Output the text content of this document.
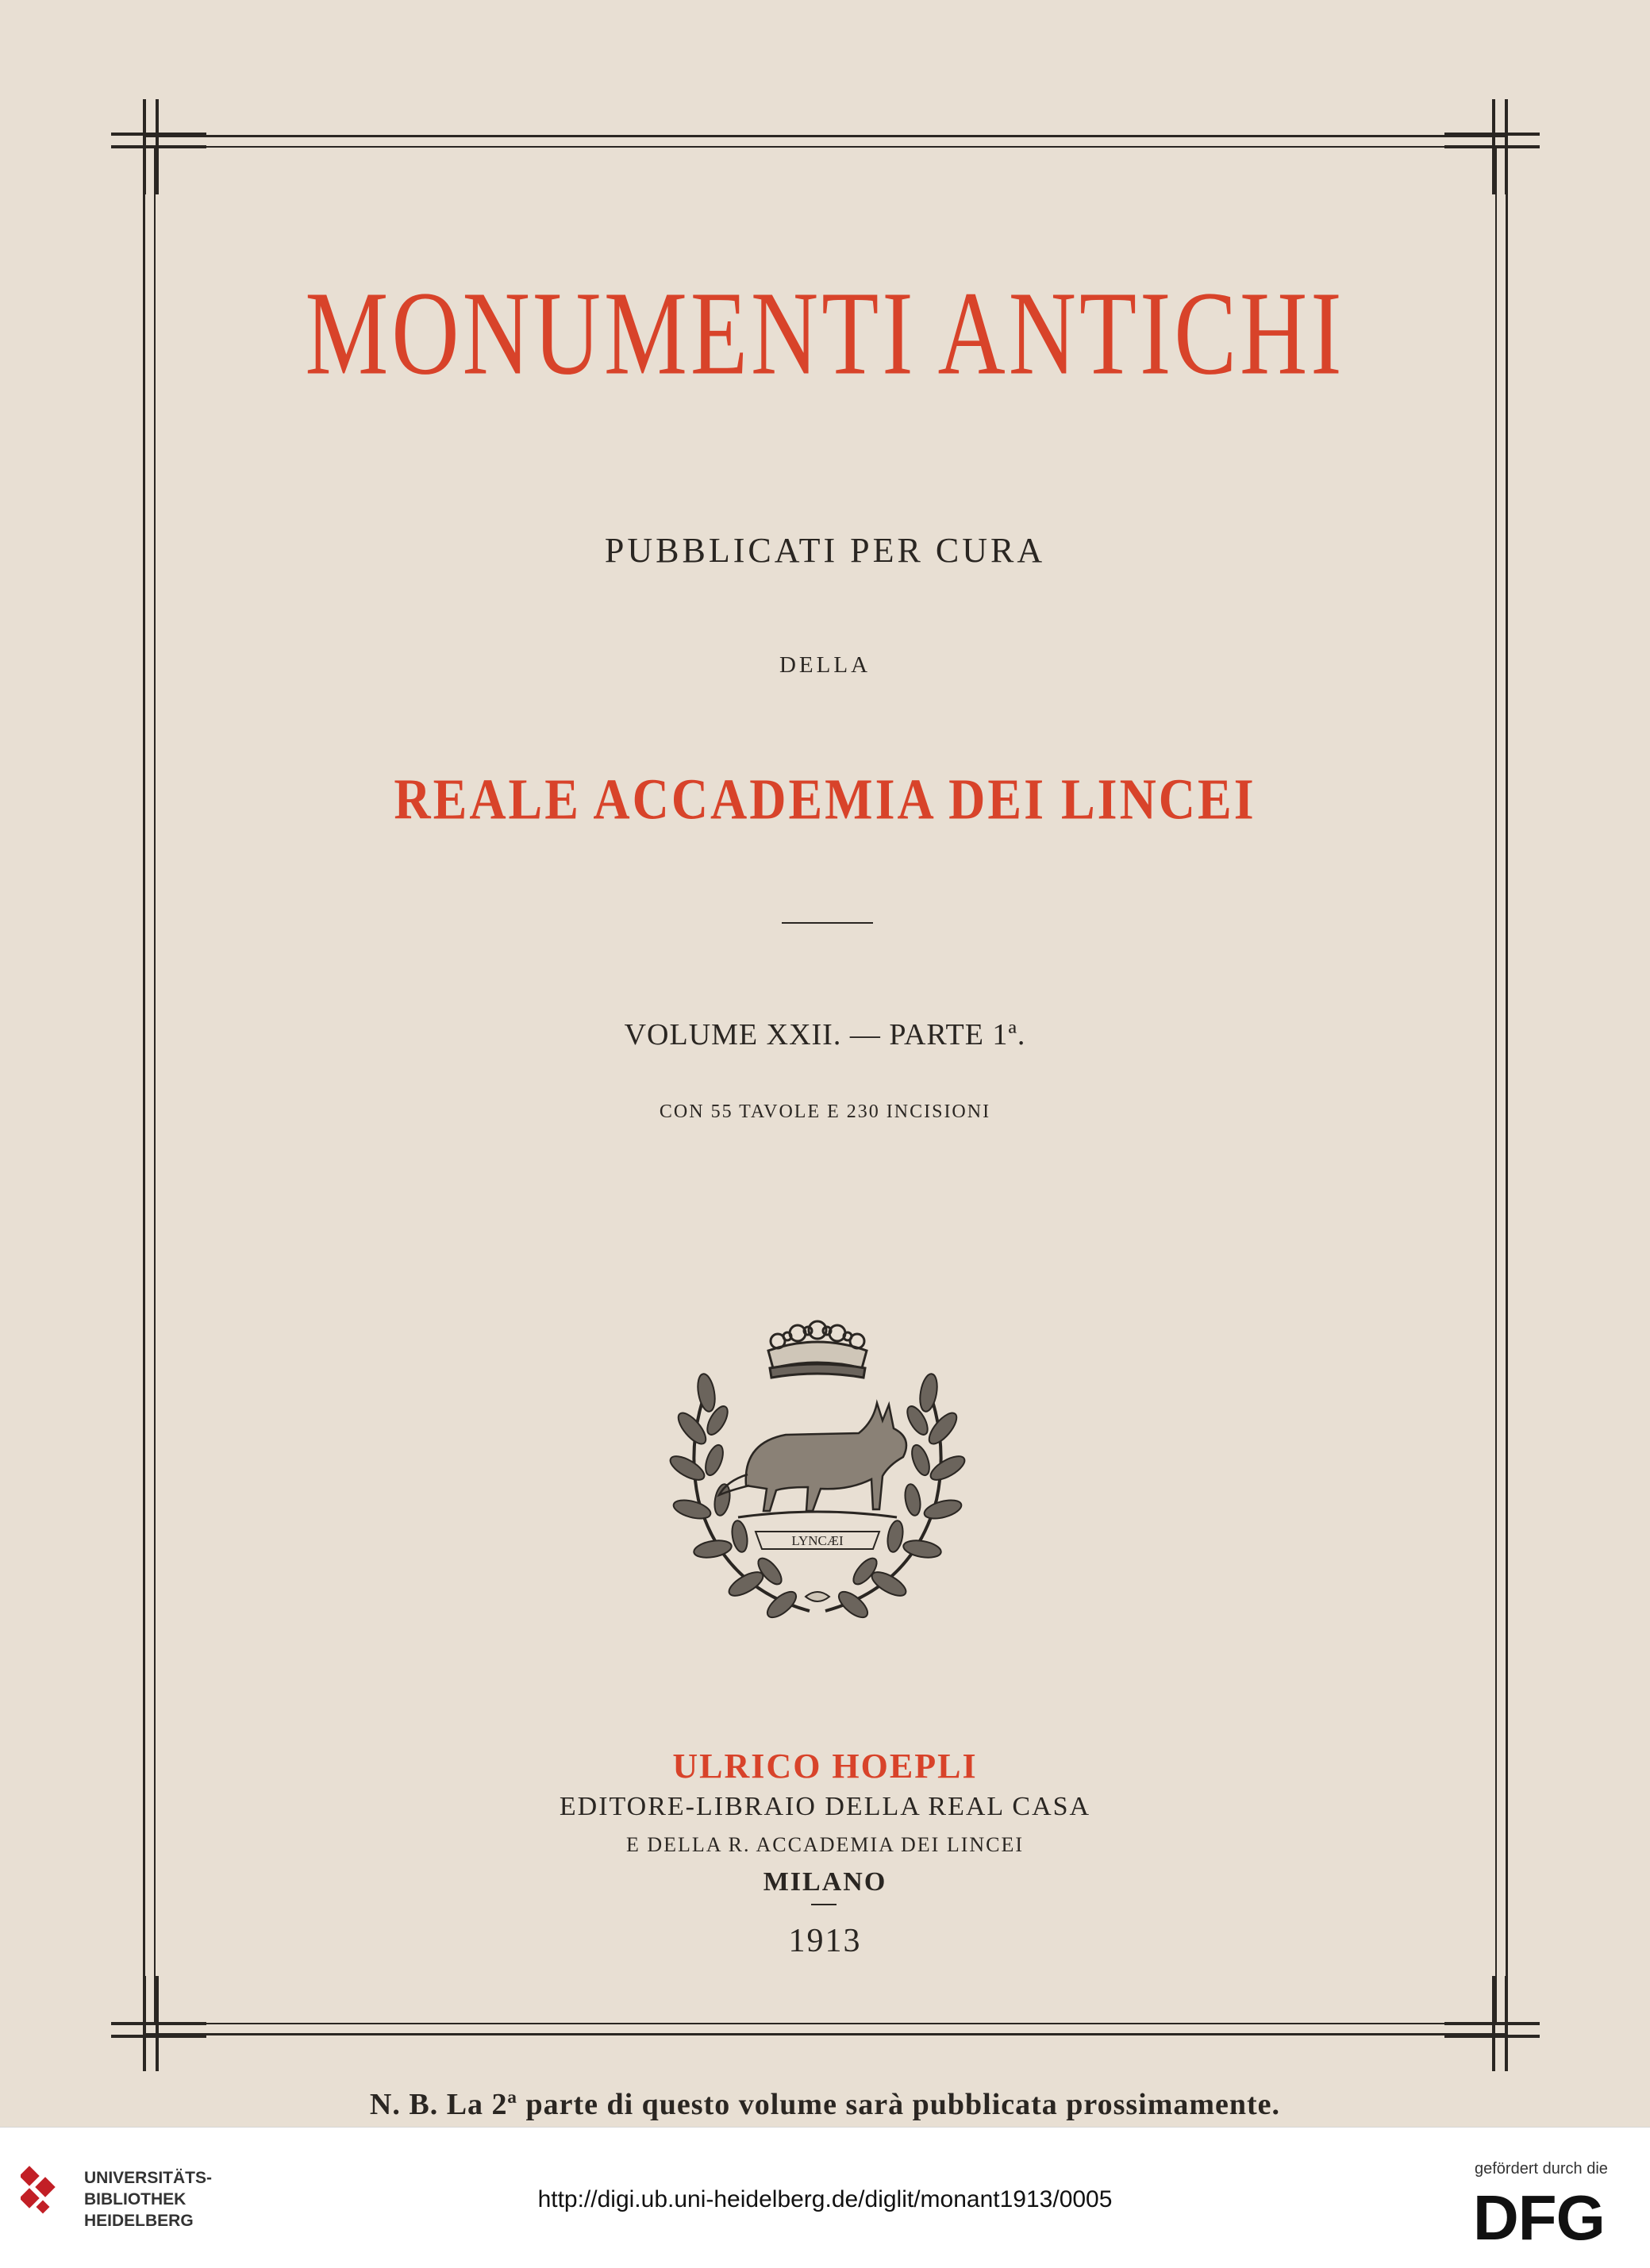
MONUMENTI ANTICHI
PUBBLICATI PER CURA
DELLA
REALE ACCADEMIA DEI LINCEI
VOLUME XXII. — PARTE 1ª.
CON 55 TAVOLE E 230 INCISIONI
LYNCÆI
ULRICO HOEPLI
EDITORE-LIBRAIO DELLA REAL CASA
E DELLA R. ACCADEMIA DEI LINCEI
MILANO
1913
N. B. La 2ª parte di questo volume sarà pubblicata prossimamente.
UNIVERSITÄTS-
BIBLIOTHEK
HEIDELBERG
http://digi.ub.uni-heidelberg.de/diglit/monant1913/0005
gefördert durch die
DFG
